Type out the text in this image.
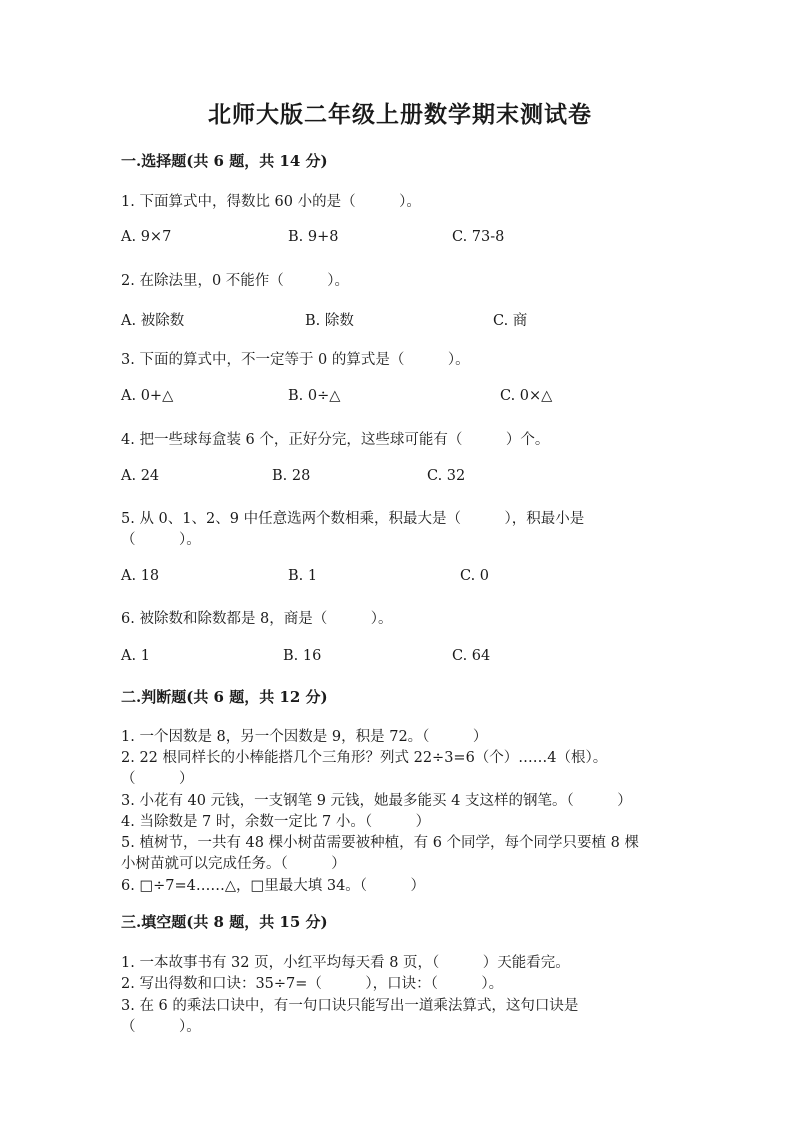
北师大版二年级上册数学期末测试卷
一.选择题(共 6 题，共 14 分)
1. 下面算式中，得数比 60 小的是（　　　）。
A. 9×7	B. 9+8	C. 73-8
2. 在除法里，0 不能作（　　　）。
A. 被除数	B. 除数	C. 商
3. 下面的算式中，不一定等于 0 的算式是（　　　）。
A. 0+△	B. 0÷△	C. 0×△
4. 把一些球每盒装 6 个，正好分完，这些球可能有（　　　）个。
A. 24	B. 28	C. 32
5. 从 0、1、2、9 中任意选两个数相乘，积最大是（　　　），积最小是
（　　　）。
A. 18	B. 1	C. 0
6. 被除数和除数都是 8，商是（　　　）。
A. 1	B. 16	C. 64
二.判断题(共 6 题，共 12 分)
1. 一个因数是 8，另一个因数是 9，积是 72。（　　　）
2. 22 根同样长的小棒能搭几个三角形？列式 22÷3=6（个）……4（根）。
（　　　）
3. 小花有 40 元钱，一支钢笔 9 元钱，她最多能买 4 支这样的钢笔。（　　　）
4. 当除数是 7 时，余数一定比 7 小。（　　　）
5. 植树节，一共有 48 棵小树苗需要被种植，有 6 个同学，每个同学只要植 8 棵
小树苗就可以完成任务。（　　　）
6. □÷7=4……△，□里最大填 34。（　　　）
三.填空题(共 8 题，共 15 分)
1. 一本故事书有 32 页，小红平均每天看 8 页，（　　　）天能看完。
2. 写出得数和口诀：35÷7=（　　　），口诀：（　　　）。
3. 在 6 的乘法口诀中，有一句口诀只能写出一道乘法算式，这句口诀是
（　　　）。
